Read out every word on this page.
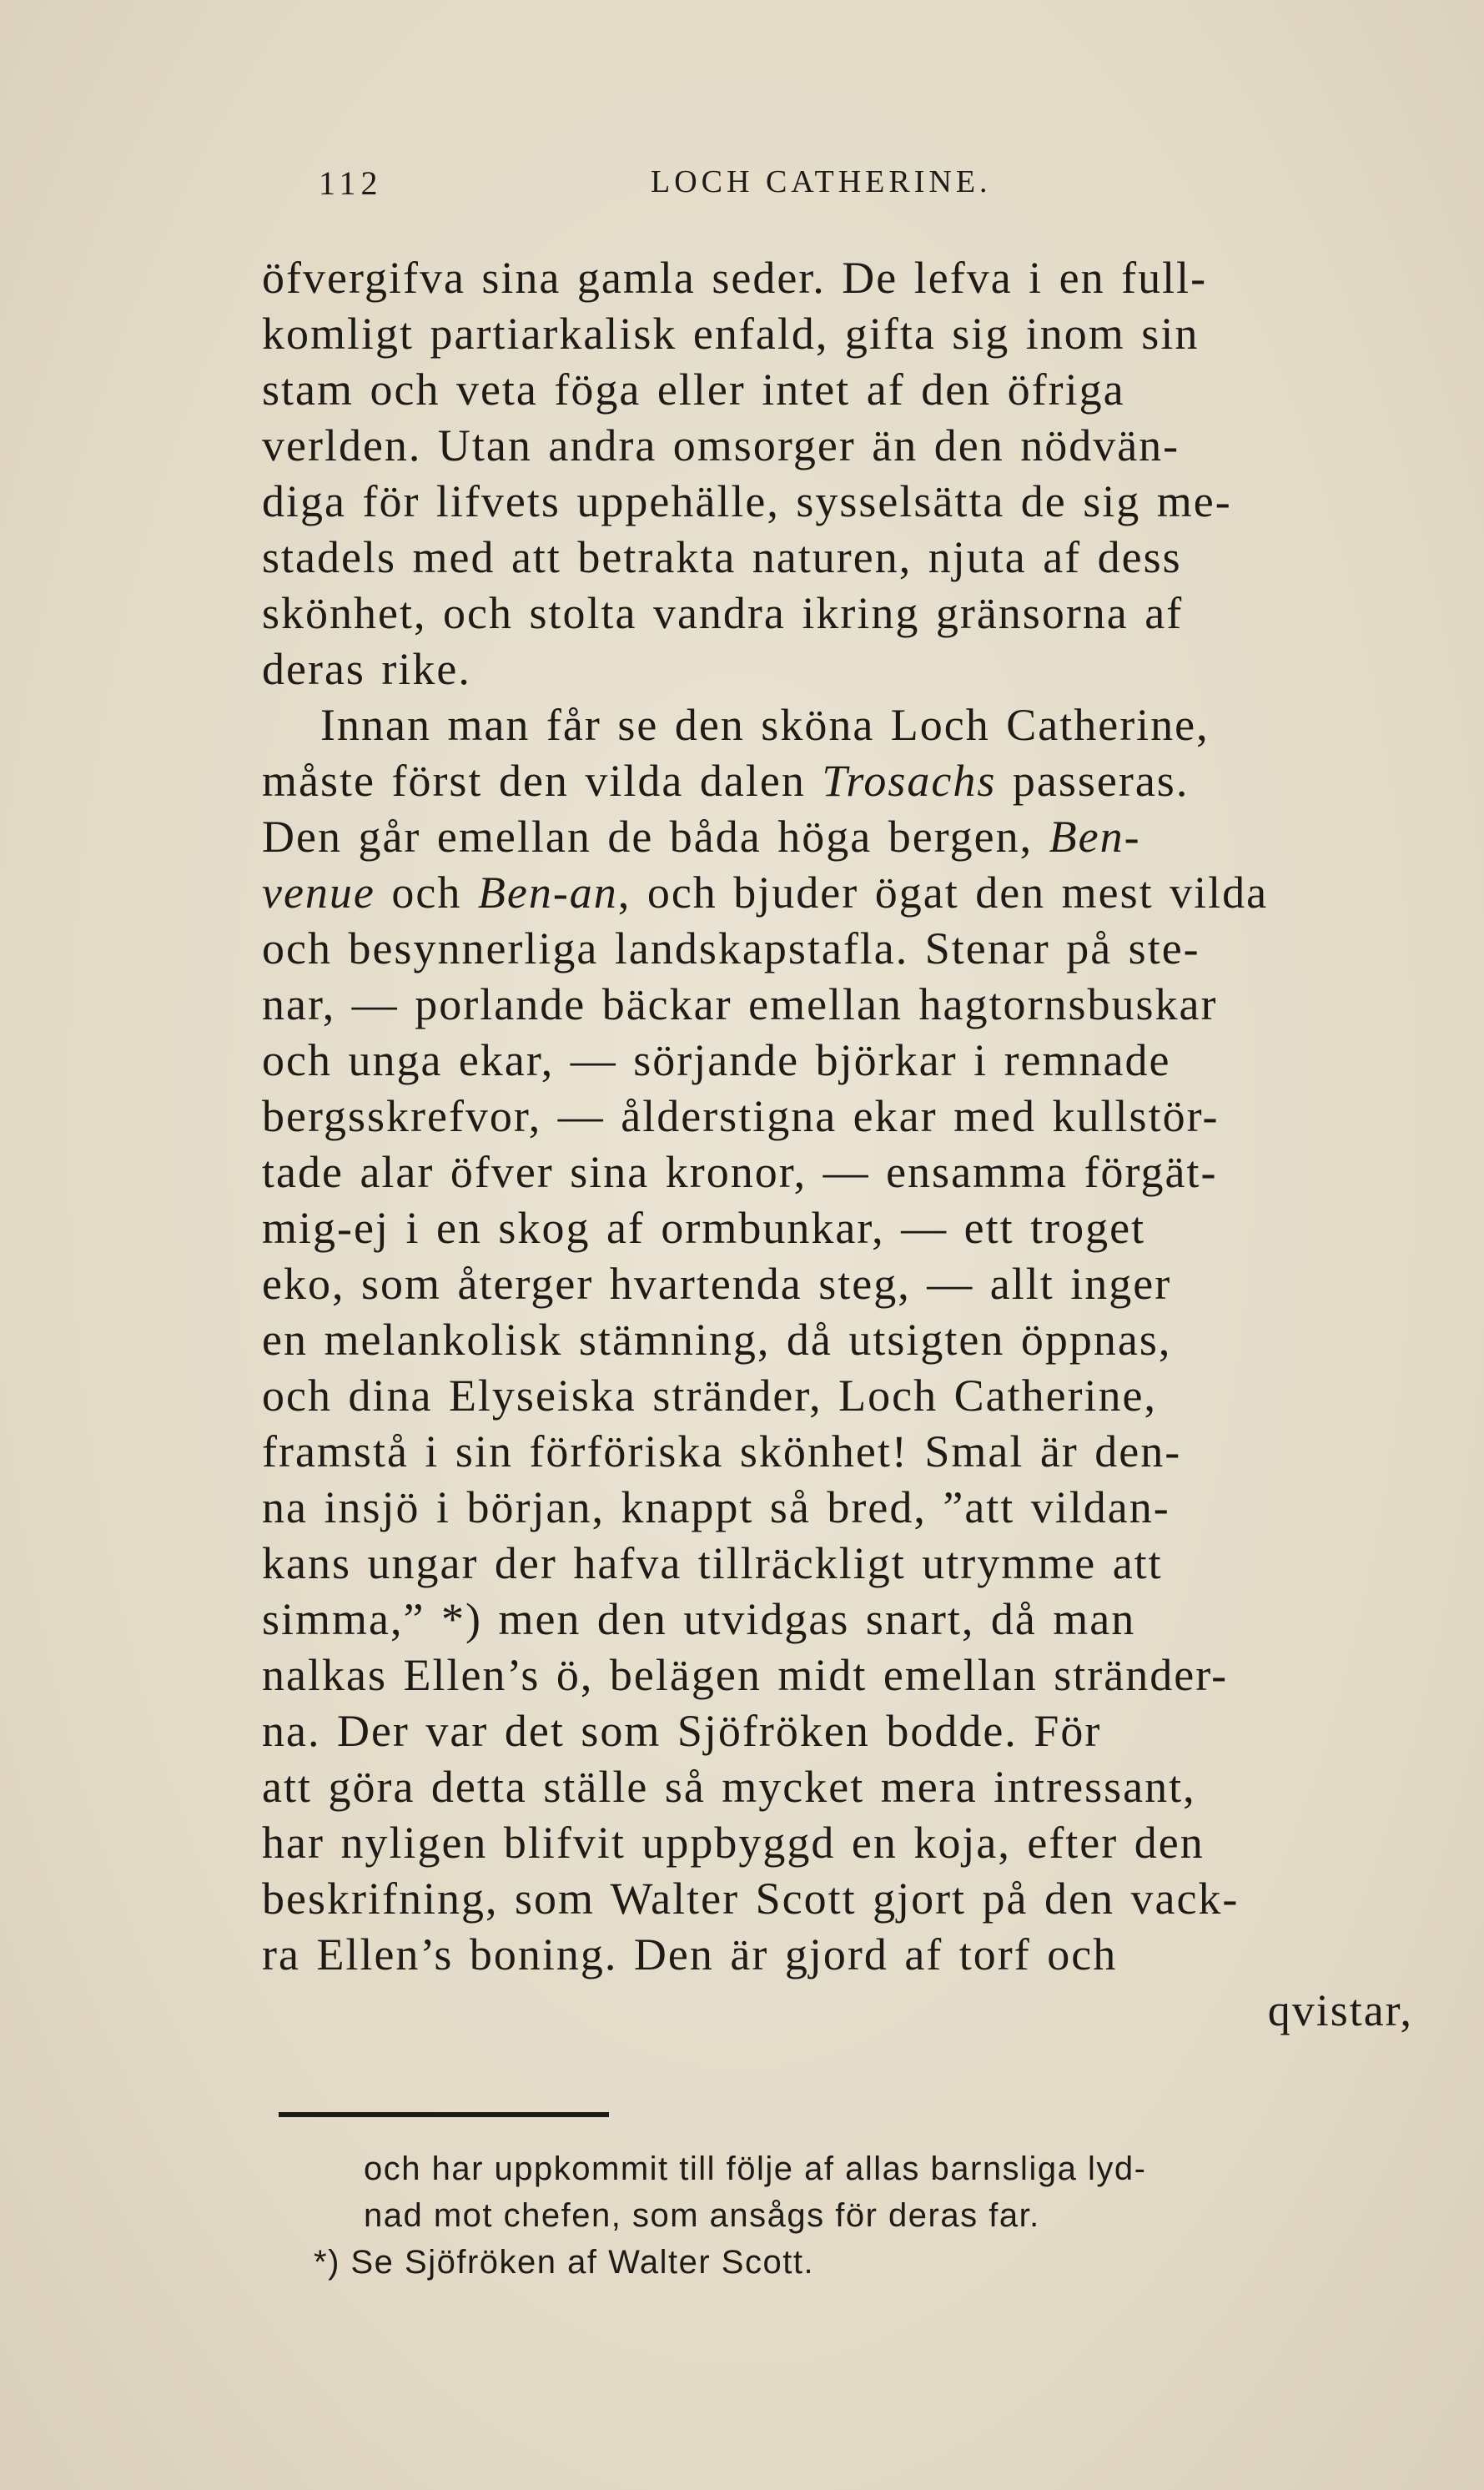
112	LOCH CATHERINE.
öfvergifva sina gamla seder. De lefva i en full-
komligt partiarkalisk enfald, gifta sig inom sin
stam och veta föga eller intet af den öfriga
verlden. Utan andra omsorger än den nödvän-
diga för lifvets uppehälle, sysselsätta de sig me-
stadels med att betrakta naturen, njuta af dess
skönhet, och stolta vandra ikring gränsorna af
deras rike.
Innan man får se den sköna Loch Catherine,
måste först den vilda dalen Trosachs passeras.
Den går emellan de båda höga bergen, Ben-
venue och Ben-an, och bjuder ögat den mest vilda
och besynnerliga landskapstafla. Stenar på ste-
nar, — porlande bäckar emellan hagtornsbuskar
och unga ekar, — sörjande björkar i remnade
bergsskrefvor, — ålderstigna ekar med kullstör-
tade alar öfver sina kronor, — ensamma förgät-
mig-ej i en skog af ormbunkar, — ett troget
eko, som återger hvartenda steg, — allt inger
en melankolisk stämning, då utsigten öppnas,
och dina Elyseiska stränder, Loch Catherine,
framstå i sin förföriska skönhet! Smal är den-
na insjö i början, knappt så bred, ”att vildan-
kans ungar der hafva tillräckligt utrymme att
simma,” *) men den utvidgas snart, då man
nalkas Ellen’s ö, belägen midt emellan stränder-
na. Der var det som Sjöfröken bodde. För
att göra detta ställe så mycket mera intressant,
har nyligen blifvit uppbyggd en koja, efter den
beskrifning, som Walter Scott gjort på den vack-
ra Ellen’s boning. Den är gjord af torf och
qvistar,
och har uppkommit till följe af allas barnsliga lyd-
nad mot chefen, som ansågs för deras far.
*) Se Sjöfröken af Walter Scott.
